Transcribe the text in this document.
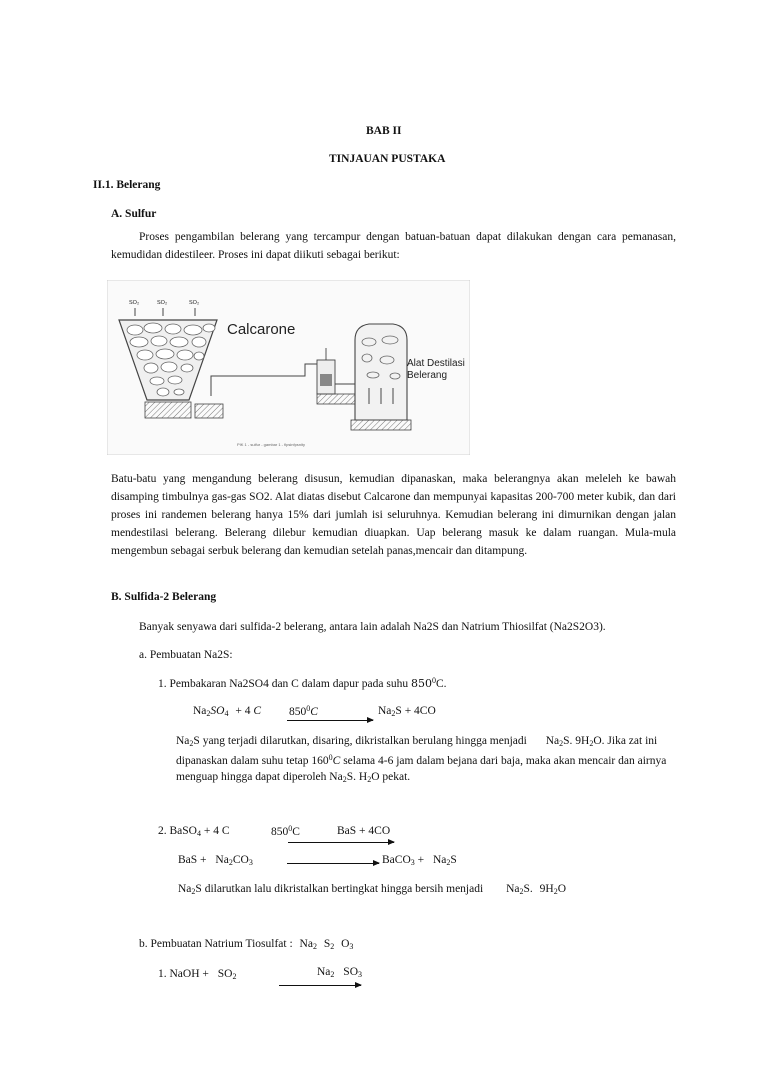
BAB II
TINJAUAN PUSTAKA
II.1. Belerang
A. Sulfur

Proses pengambilan belerang yang tercampur dengan batuan-batuan dapat dilakukan dengan cara pemanasan, kemudidan didestileer. Proses ini dapat diikuti sebagai berikut:

SO₂	SO₂	SO₂
Calcarone
Alat Destilasi
Belerang
PIK 1 - sulfur - gambar 1 - fipsinfpsnity

Batu-batu yang mengandung belerang disusun, kemudian dipanaskan, maka belerangnya akan meleleh ke bawah disamping timbulnya gas-gas SO2. Alat diatas disebut Calcarone dan mempunyai kapasitas 200-700 meter kubik, dan dari proses ini randemen belerang hanya 15% dari jumlah isi seluruhnya. Kemudian belerang ini dimurnikan dengan jalan mendestilasi belerang. Belerang dilebur kemudian diuapkan. Uap belerang masuk ke dalam ruangan. Mula-mula mengembun sebagai serbuk belerang dan kemudian setelah panas,mencair dan ditampung.

B. Sulfida-2 Belerang
Banyak senyawa dari sulfida-2 belerang, antara lain adalah Na2S dan Natrium Thiosilfat (Na2S2O3).
a. Pembuatan Na2S:
1. Pembakaran Na2SO4 dan C dalam dapur pada suhu $850^0C$.
$Na_2SO_4 + 4$ C $850^0C$	$Na_2S + 4CO$
$Na_2S$ yang terjadi dilarutkan, disaring, dikristalkan berulang hingga menjadi $Na_2S$. $9H_2O$. Jika zat ini
dipanaskan dalam suhu tetap $160^0C$ selama 4-6 jam dalam bejana dari baja, maka akan mencair dan airnya
menguap hingga dapat diperoleh $Na_2S$. $H_2O$ pekat.
2. BaSO$_4$ + 4 C	$850^0C$	BaS + 4CO
BaS + $Na_2CO_3$	BaCO$_3$ + $Na_2S$
$Na_2S$ dilarutkan lalu dikristalkan bertingkat hingga bersih menjadi $Na_2S$. $9H_2O$
b. Pembuatan Natrium Tiosulfat : $Na_2$ $S_2$ $O_3$
1. NaOH + $SO_2$	$Na_2$ $SO_3$
